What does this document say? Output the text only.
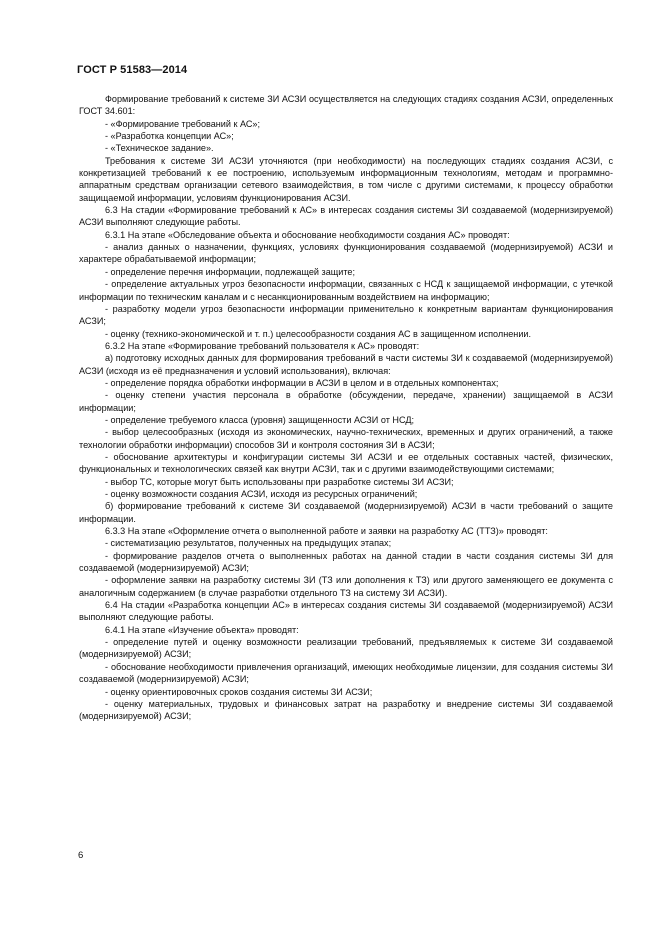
ГОСТ Р 51583—2014

Формирование требований к системе ЗИ АСЗИ осуществляется на следующих стадиях создания АСЗИ, определенных ГОСТ 34.601:

- «Формирование требований к АС»;

- «Разработка концепции АС»;

- «Техническое задание».

Требования к системе ЗИ АСЗИ уточняются (при необходимости) на последующих стадиях создания АСЗИ, с конкретизацией требований к ее построению, используемым информационным технологиям, методам и программно-аппаратным средствам организации сетевого взаимодействия, в том числе с другими системами, к процессу обработки защищаемой информации, условиям функционирования АСЗИ.

6.3 На стадии «Формирование требований к АС» в интересах создания системы ЗИ создаваемой (модернизируемой) АСЗИ выполняют следующие работы.

6.3.1 На этапе «Обследование объекта и обоснование необходимости создания АС» проводят:

- анализ данных о назначении, функциях, условиях функционирования создаваемой (модернизируемой) АСЗИ и характере обрабатываемой информации;

- определение перечня информации, подлежащей защите;

- определение актуальных угроз безопасности информации, связанных с НСД к защищаемой информации, с утечкой информации по техническим каналам и с несанкционированным воздействием на информацию;

- разработку модели угроз безопасности информации применительно к конкретным вариантам функционирования АСЗИ;

- оценку (технико-экономической и т. п.) целесообразности создания АС в защищенном исполнении.

6.3.2 На этапе «Формирование требований пользователя к АС» проводят:

а) подготовку исходных данных для формирования требований в части системы ЗИ к создаваемой (модернизируемой) АСЗИ (исходя из её предназначения и условий использования), включая:

- определение порядка обработки информации в АСЗИ в целом и в отдельных компонентах;

- оценку степени участия персонала в обработке (обсуждении, передаче, хранении) защищаемой в АСЗИ информации;

- определение требуемого класса (уровня) защищенности АСЗИ от НСД;

- выбор целесообразных (исходя из экономических, научно-технических, временных и других ограничений, а также технологии обработки информации) способов ЗИ и контроля состояния ЗИ в АСЗИ;

- обоснование архитектуры и конфигурации системы ЗИ АСЗИ и ее отдельных составных частей, физических, функциональных и технологических связей как внутри АСЗИ, так и с другими взаимодействующими системами;

- выбор ТС, которые могут быть использованы при разработке системы ЗИ АСЗИ;

- оценку возможности создания АСЗИ, исходя из ресурсных ограничений;

б) формирование требований к системе ЗИ создаваемой (модернизируемой) АСЗИ в части требований о защите информации.

6.3.3 На этапе «Оформление отчета о выполненной работе и заявки на разработку АС (ТТЗ)» проводят:

- систематизацию результатов, полученных на предыдущих этапах;

- формирование разделов отчета о выполненных работах на данной стадии в части создания системы ЗИ для создаваемой (модернизируемой) АСЗИ;

- оформление заявки на разработку системы ЗИ (ТЗ или дополнения к ТЗ) или другого заменяющего ее документа с аналогичным содержанием (в случае разработки отдельного ТЗ на систему ЗИ АСЗИ).

6.4 На стадии «Разработка концепции АС» в интересах создания системы ЗИ создаваемой (модернизируемой) АСЗИ выполняют следующие работы.

6.4.1 На этапе «Изучение объекта» проводят:

- определение путей и оценку возможности реализации требований, предъявляемых к системе ЗИ создаваемой (модернизируемой) АСЗИ;

- обоснование необходимости привлечения организаций, имеющих необходимые лицензии, для создания системы ЗИ создаваемой (модернизируемой) АСЗИ;

- оценку ориентировочных сроков создания системы ЗИ АСЗИ;

- оценку материальных, трудовых и финансовых затрат на разработку и внедрение системы ЗИ создаваемой (модернизируемой) АСЗИ;

6
